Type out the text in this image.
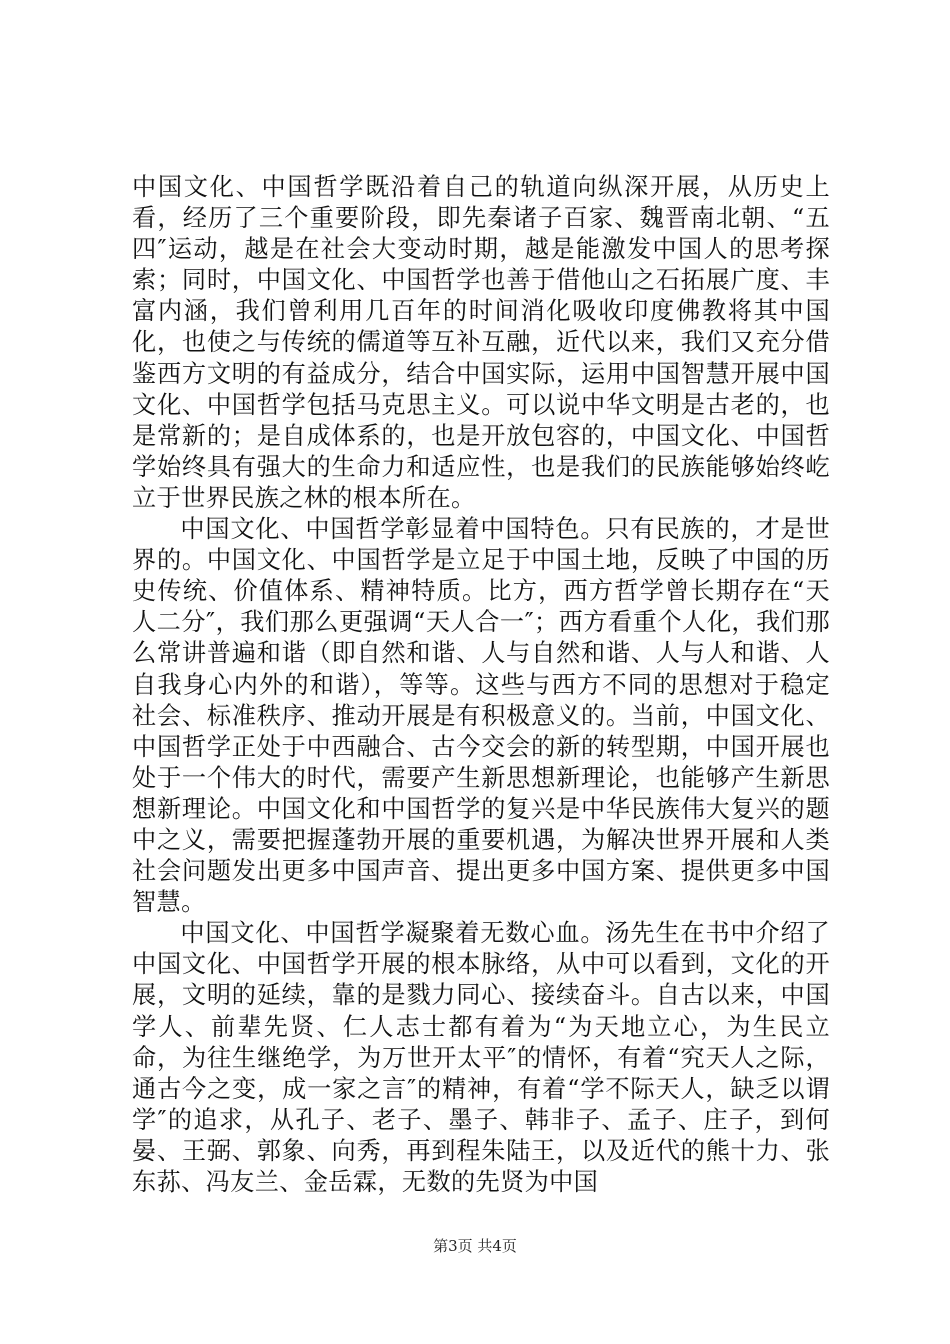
中国文化、中国哲学既沿着自己的轨道向纵深开展，从历史上看，经历了三个重要阶段，即先秦诸子百家、魏晋南北朝、“五四″运动，越是在社会大变动时期，越是能激发中国人的思考探索；同时，中国文化、中国哲学也善于借他山之石拓展广度、丰富内涵，我们曾利用几百年的时间消化吸收印度佛教将其中国化，也使之与传统的儒道等互补互融，近代以来，我们又充分借鉴西方文明的有益成分，结合中国实际，运用中国智慧开展中国文化、中国哲学包括马克思主义。可以说中华文明是古老的，也是常新的；是自成体系的，也是开放包容的，中国文化、中国哲学始终具有强大的生命力和适应性，也是我们的民族能够始终屹立于世界民族之林的根本所在。

中国文化、中国哲学彰显着中国特色。只有民族的，才是世界的。中国文化、中国哲学是立足于中国土地，反映了中国的历史传统、价值体系、精神特质。比方，西方哲学曾长期存在“天人二分″，我们那么更强调“天人合一″；西方看重个人化，我们那么常讲普遍和谐（即自然和谐、人与自然和谐、人与人和谐、人自我身心内外的和谐），等等。这些与西方不同的思想对于稳定社会、标准秩序、推动开展是有积极意义的。当前，中国文化、中国哲学正处于中西融合、古今交会的新的转型期，中国开展也处于一个伟大的时代，需要产生新思想新理论，也能够产生新思想新理论。中国文化和中国哲学的复兴是中华民族伟大复兴的题中之义，需要把握蓬勃开展的重要机遇，为解决世界开展和人类社会问题发出更多中国声音、提出更多中国方案、提供更多中国智慧。

中国文化、中国哲学凝聚着无数心血。汤先生在书中介绍了中国文化、中国哲学开展的根本脉络，从中可以看到，文化的开展，文明的延续，靠的是戮力同心、接续奋斗。自古以来，中国学人、前辈先贤、仁人志士都有着为“为天地立心，为生民立命，为往生继绝学，为万世开太平″的情怀，有着“究天人之际，通古今之变，成一家之言″的精神，有着“学不际天人，缺乏以谓学″的追求，从孔子、老子、墨子、韩非子、孟子、庄子，到何晏、王弼、郭象、向秀，再到程朱陆王，以及近代的熊十力、张东荪、冯友兰、金岳霖，无数的先贤为中国

第3页 共4页
